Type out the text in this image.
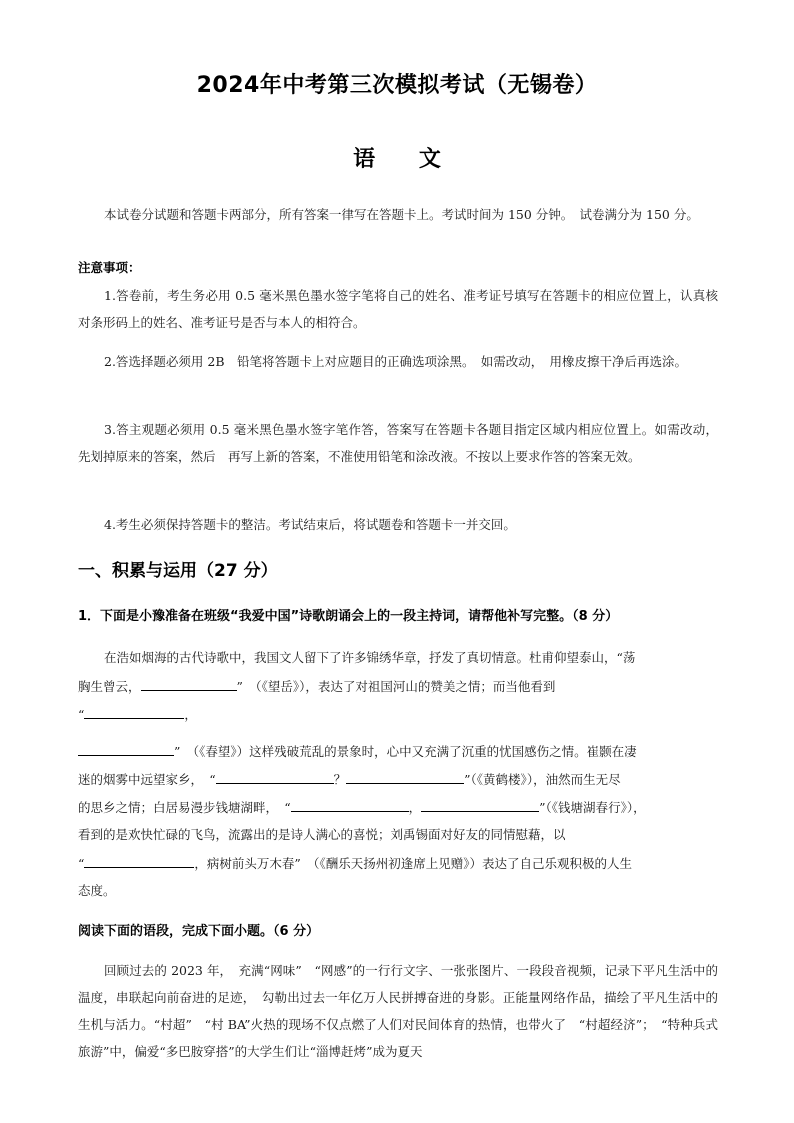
2024年中考第三次模拟考试（无锡卷）
语 文
本试卷分试题和答题卡两部分，所有答案一律写在答题卡上。考试时间为 150 分钟。　试卷满分为 150 分。
注意事项：
1.答卷前，考生务必用 0.5 毫米黑色墨水签字笔将自己的姓名、准考证号填写在答题卡的相应位置上，认真核对条形码上的姓名、准考证号是否与本人的相符合。
2.答选择题必须用 2B　铅笔将答题卡上对应题目的正确选项涂黑。　如需改动，　用橡皮擦干净后再选涂。
3.答主观题必须用 0.5 毫米黑色墨水签字笔作答，答案写在答题卡各题目指定区域内相应位置上。如需改动，先划掉原来的答案，然后　再写上新的答案，不准使用铅笔和涂改液。不按以上要求作答的答案无效。
4.考生必须保持答题卡的整洁。考试结束后，将试题卷和答题卡一并交回。
一、积累与运用（27 分）
1．下面是小豫准备在班级“我爱中国”诗歌朗诵会上的一段主持词，请帮他补写完整。（8 分）
在浩如烟海的古代诗歌中，我国文人留下了许多锦绣华章，抒发了真切情意。杜甫仰望泰山，“荡
胸生曾云，	”　（《望岳》），表达了对祖国河山的赞美之情；而当他看到
“	，
”　（《春望》）这样残破荒乱的景象时，心中又充满了沉重的忧国感伤之情。崔颢在凄
迷的烟雾中远望家乡，　“	？	”（《黄鹤楼》），油然而生无尽
的思乡之情；白居易漫步钱塘湖畔，　“	，	”（《钱塘湖春行》），
看到的是欢快忙碌的飞鸟，流露出的是诗人满心的喜悦；刘禹锡面对好友的同情慰藉，以
“	，病树前头万木春”　（《酬乐天扬州初逢席上见赠》）表达了自己乐观积极的人生
态度。
阅读下面的语段，完成下面小题。（6 分）
回顾过去的 2023 年，　充满“网味”　“网感”的一行行文字、一张张图片、一段段音视频，记录下平凡生活中的温度，串联起向前奋进的足迹，　勾勒出过去一年亿万人民拼搏奋进的身影。正能量网络作品，描绘了平凡生活中的生机与活力。“村超”　“村 BA”火热的现场不仅点燃了人们对民间体育的热情，也带火了　“村超经济”；　“特种兵式旅游”中，偏爱“多巴胺穿搭”的大学生们让“淄博赶烤”成为夏天
